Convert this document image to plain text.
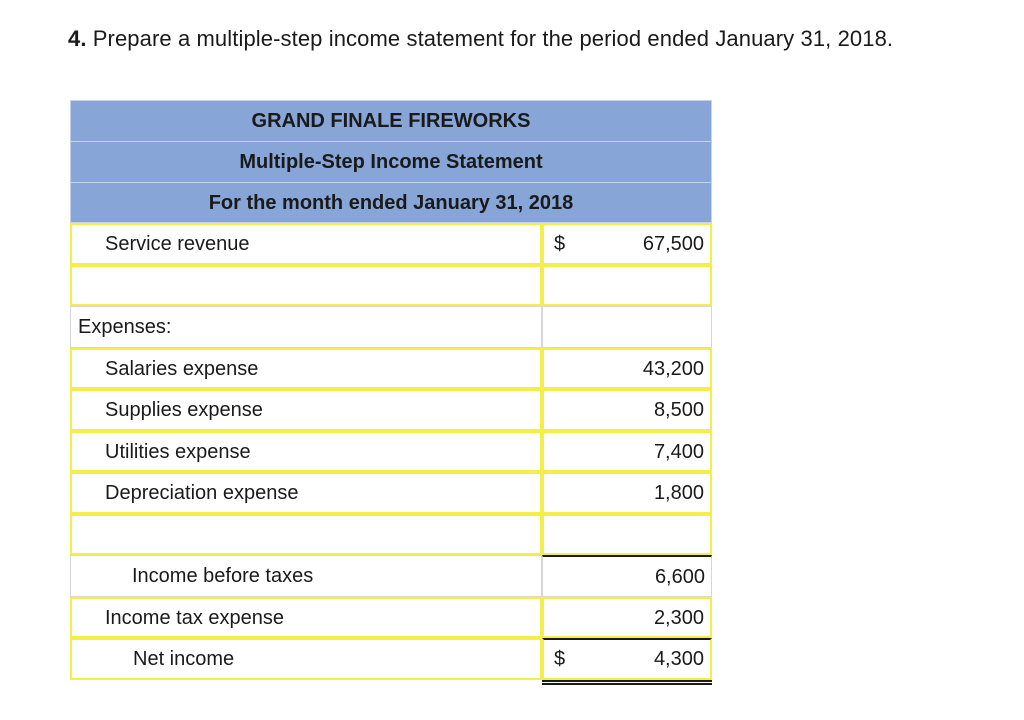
4. Prepare a multiple-step income statement for the period ended January 31, 2018.
GRAND FINALE FIREWORKS
Multiple-Step Income Statement
For the month ended January 31, 2018
Service revenue	$	67,500
Expenses:
Salaries expense	43,200
Supplies expense	8,500
Utilities expense	7,400
Depreciation expense	1,800
Income before taxes	6,600
Income tax expense	2,300
Net income	$	4,300
